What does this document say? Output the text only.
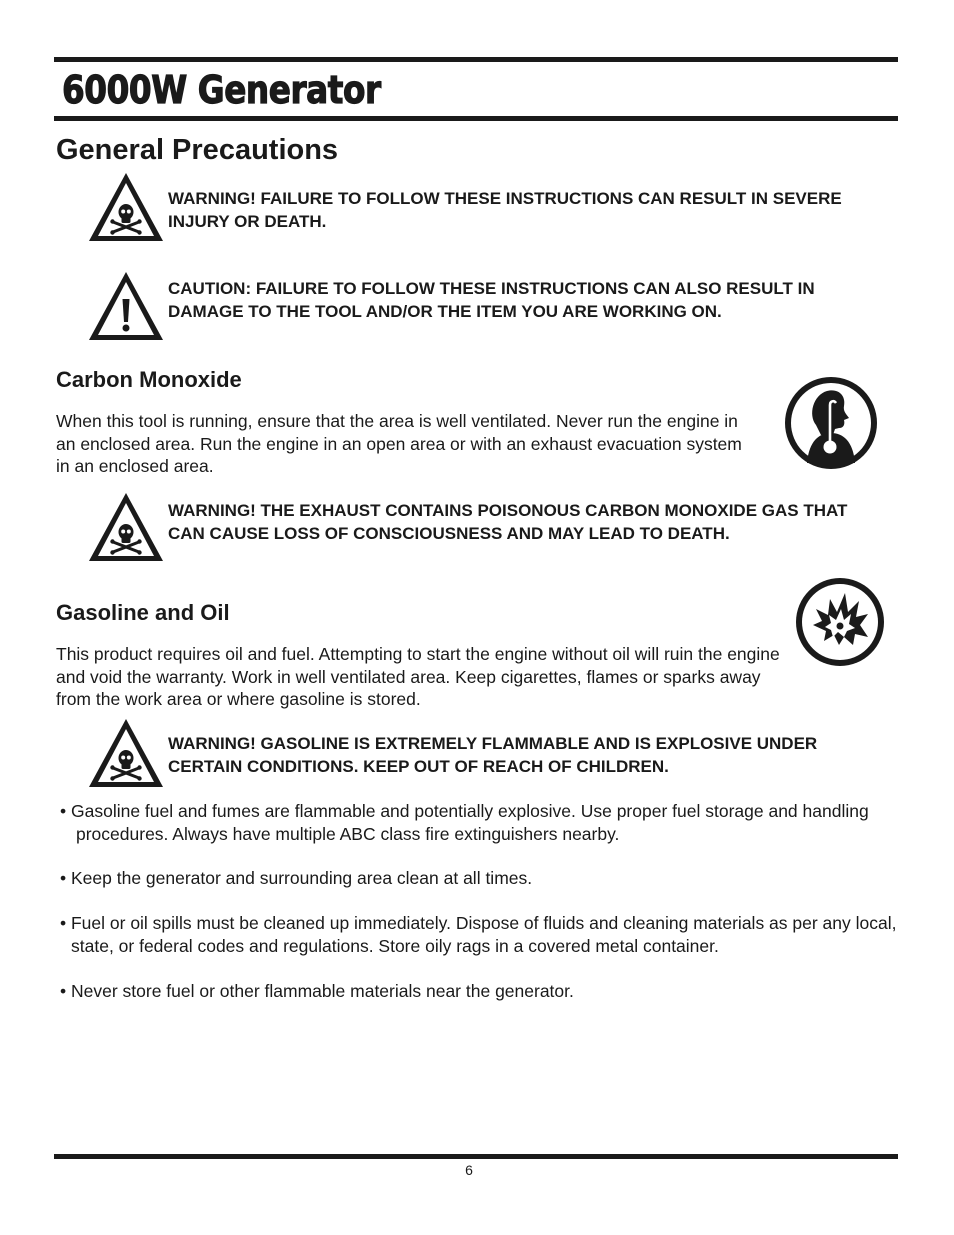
6000W Generator
General Precautions

WARNING! FAILURE TO FOLLOW THESE INSTRUCTIONS CAN RESULT IN SEVERE INJURY OR DEATH.

CAUTION: FAILURE TO FOLLOW THESE INSTRUCTIONS CAN ALSO RESULT IN DAMAGE TO THE TOOL AND/OR THE ITEM YOU ARE WORKING ON.

Carbon Monoxide

When this tool is running, ensure that the area is well ventilated. Never run the engine in an enclosed area. Run the engine in an open area or with an exhaust evacuation system in an enclosed area.

WARNING! THE EXHAUST CONTAINS POISONOUS CARBON MONOXIDE GAS THAT CAN CAUSE LOSS OF CONSCIOUSNESS AND MAY LEAD TO DEATH.

Gasoline and Oil

This product requires oil and fuel. Attempting to start the engine without oil will ruin the engine and void the warranty. Work in well ventilated area. Keep cigarettes, flames or sparks away from the work area or where gasoline is stored.

WARNING! GASOLINE IS EXTREMELY FLAMMABLE AND IS EXPLOSIVE UNDER CERTAIN CONDITIONS. KEEP OUT OF REACH OF CHILDREN.

• Gasoline fuel and fumes are flammable and potentially explosive. Use proper fuel storage and handling procedures. Always have multiple ABC class fire extinguishers nearby.

• Keep the generator and surrounding area clean at all times.

• Fuel or oil spills must be cleaned up immediately. Dispose of fluids and cleaning materials as per any local, state, or federal codes and regulations. Store oily rags in a covered metal container.

• Never store fuel or other flammable materials near the generator.

6
